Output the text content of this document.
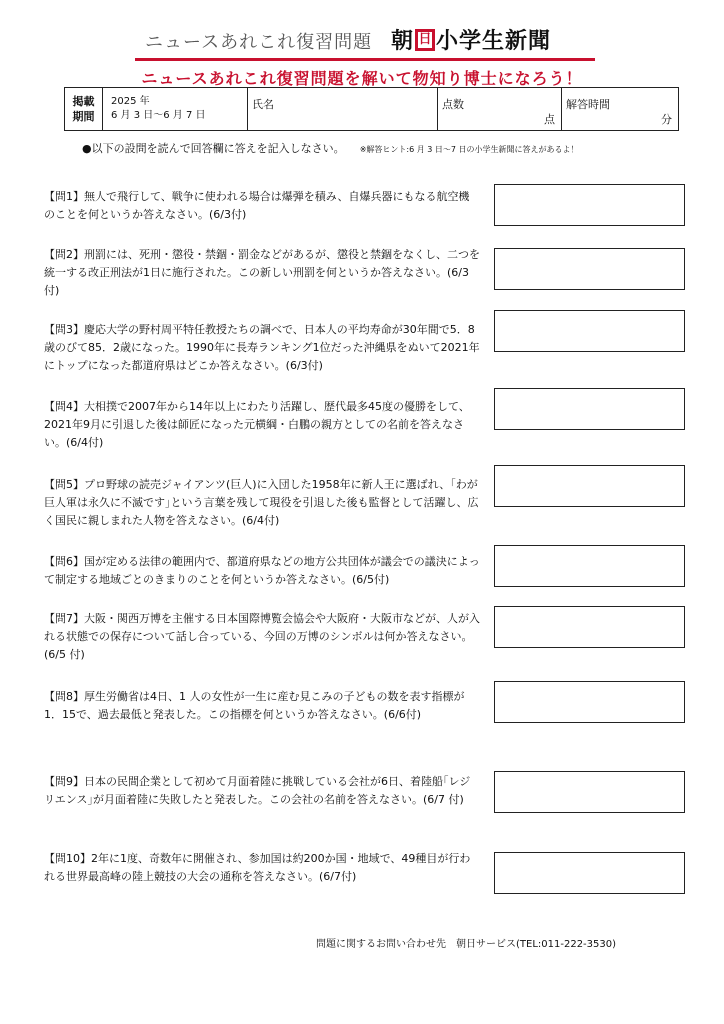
ニュースあれこれ復習問題 朝 日 小学生新聞
ニュースあれこれ復習問題を解いて物知り博士になろう！
掲載
期間
2025 年
6 月 3 日～6 月 7 日
氏名	点数
点
解答時間
分
●以下の設問を読んで回答欄に答えを記入しなさい。 ※解答ヒント:6 月 3 日～7 日の小学生新聞に答えがあるよ！
【問1】無人で飛行して、戦争に使われる場合は爆弾を積み、自爆兵器にもなる航空機のことを何というか答えなさい。(6/3付)
【問2】刑罰には、死刑・懲役・禁錮・罰金などがあるが、懲役と禁錮をなくし、二つを統一する改正刑法が1日に施行された。この新しい刑罰を何というか答えなさい。(6/3付)
【問3】慶応大学の野村周平特任教授たちの調べで、日本人の平均寿命が30年間で5．8歳のびて85．2歳になった。1990年に長寿ランキング1位だった沖縄県をぬいて2021年にトップになった都道府県はどこか答えなさい。(6/3付)
【問4】大相撲で2007年から14年以上にわたり活躍し、歴代最多45度の優勝をして、2021年9月に引退した後は師匠になった元横綱・白鵬の親方としての名前を答えなさい。(6/4付)
【問5】プロ野球の読売ジャイアンツ(巨人)に入団した1958年に新人王に選ばれ、｢わが巨人軍は永久に不滅です｣という言葉を残して現役を引退した後も監督として活躍し、広く国民に親しまれた人物を答えなさい。(6/4付)
【問6】国が定める法律の範囲内で、都道府県などの地方公共団体が議会での議決によって制定する地域ごとのきまりのことを何というか答えなさい。(6/5付)
【問7】大阪・関西万博を主催する日本国際博覧会協会や大阪府・大阪市などが、人が入れる状態での保存について話し合っている、今回の万博のシンボルは何か答えなさい。(6/5 付)
【問8】厚生労働省は4日、1 人の女性が一生に産む見こみの子どもの数を表す指標が1．15で、過去最低と発表した。この指標を何というか答えなさい。(6/6付)
【問9】日本の民間企業として初めて月面着陸に挑戦している会社が6日、着陸船｢レジリエンス｣が月面着陸に失敗したと発表した。この会社の名前を答えなさい。(6/7 付)
【問10】2年に1度、奇数年に開催され、参加国は約200か国・地域で、49種目が行われる世界最高峰の陸上競技の大会の通称を答えなさい。(6/7付)
問題に関するお問い合わせ先　朝日サービス(TEL:011-222-3530)
